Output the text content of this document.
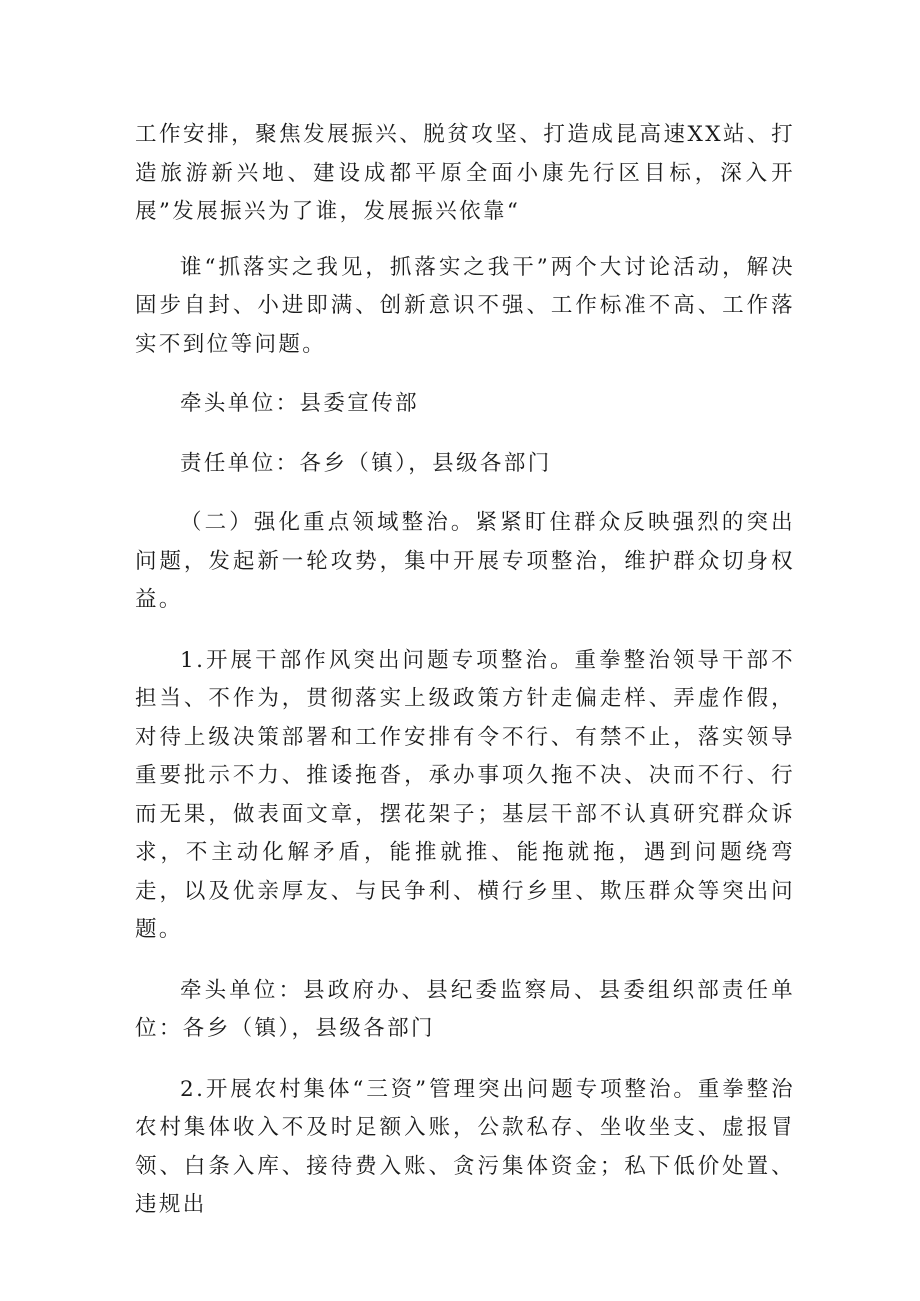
工作安排，聚焦发展振兴、脱贫攻坚、打造成昆高速XX站、打造旅游新兴地、建设成都平原全面小康先行区目标，深入开展”发展振兴为了谁，发展振兴依靠“

谁“抓落实之我见，抓落实之我干”两个大讨论活动，解决固步自封、小进即满、创新意识不强、工作标准不高、工作落实不到位等问题。

牵头单位：县委宣传部

责任单位：各乡（镇），县级各部门

（二）强化重点领域整治。紧紧盯住群众反映强烈的突出问题，发起新一轮攻势，集中开展专项整治，维护群众切身权益。

1.开展干部作风突出问题专项整治。重拳整治领导干部不担当、不作为，贯彻落实上级政策方针走偏走样、弄虚作假，对待上级决策部署和工作安排有令不行、有禁不止，落实领导重要批示不力、推诿拖沓，承办事项久拖不决、决而不行、行而无果，做表面文章，摆花架子；基层干部不认真研究群众诉求，不主动化解矛盾，能推就推、能拖就拖，遇到问题绕弯走，以及优亲厚友、与民争利、横行乡里、欺压群众等突出问题。

牵头单位：县政府办、县纪委监察局、县委组织部责任单位：各乡（镇），县级各部门

2.开展农村集体“三资”管理突出问题专项整治。重拳整治农村集体收入不及时足额入账，公款私存、坐收坐支、虚报冒领、白条入库、接待费入账、贪污集体资金；私下低价处置、违规出
